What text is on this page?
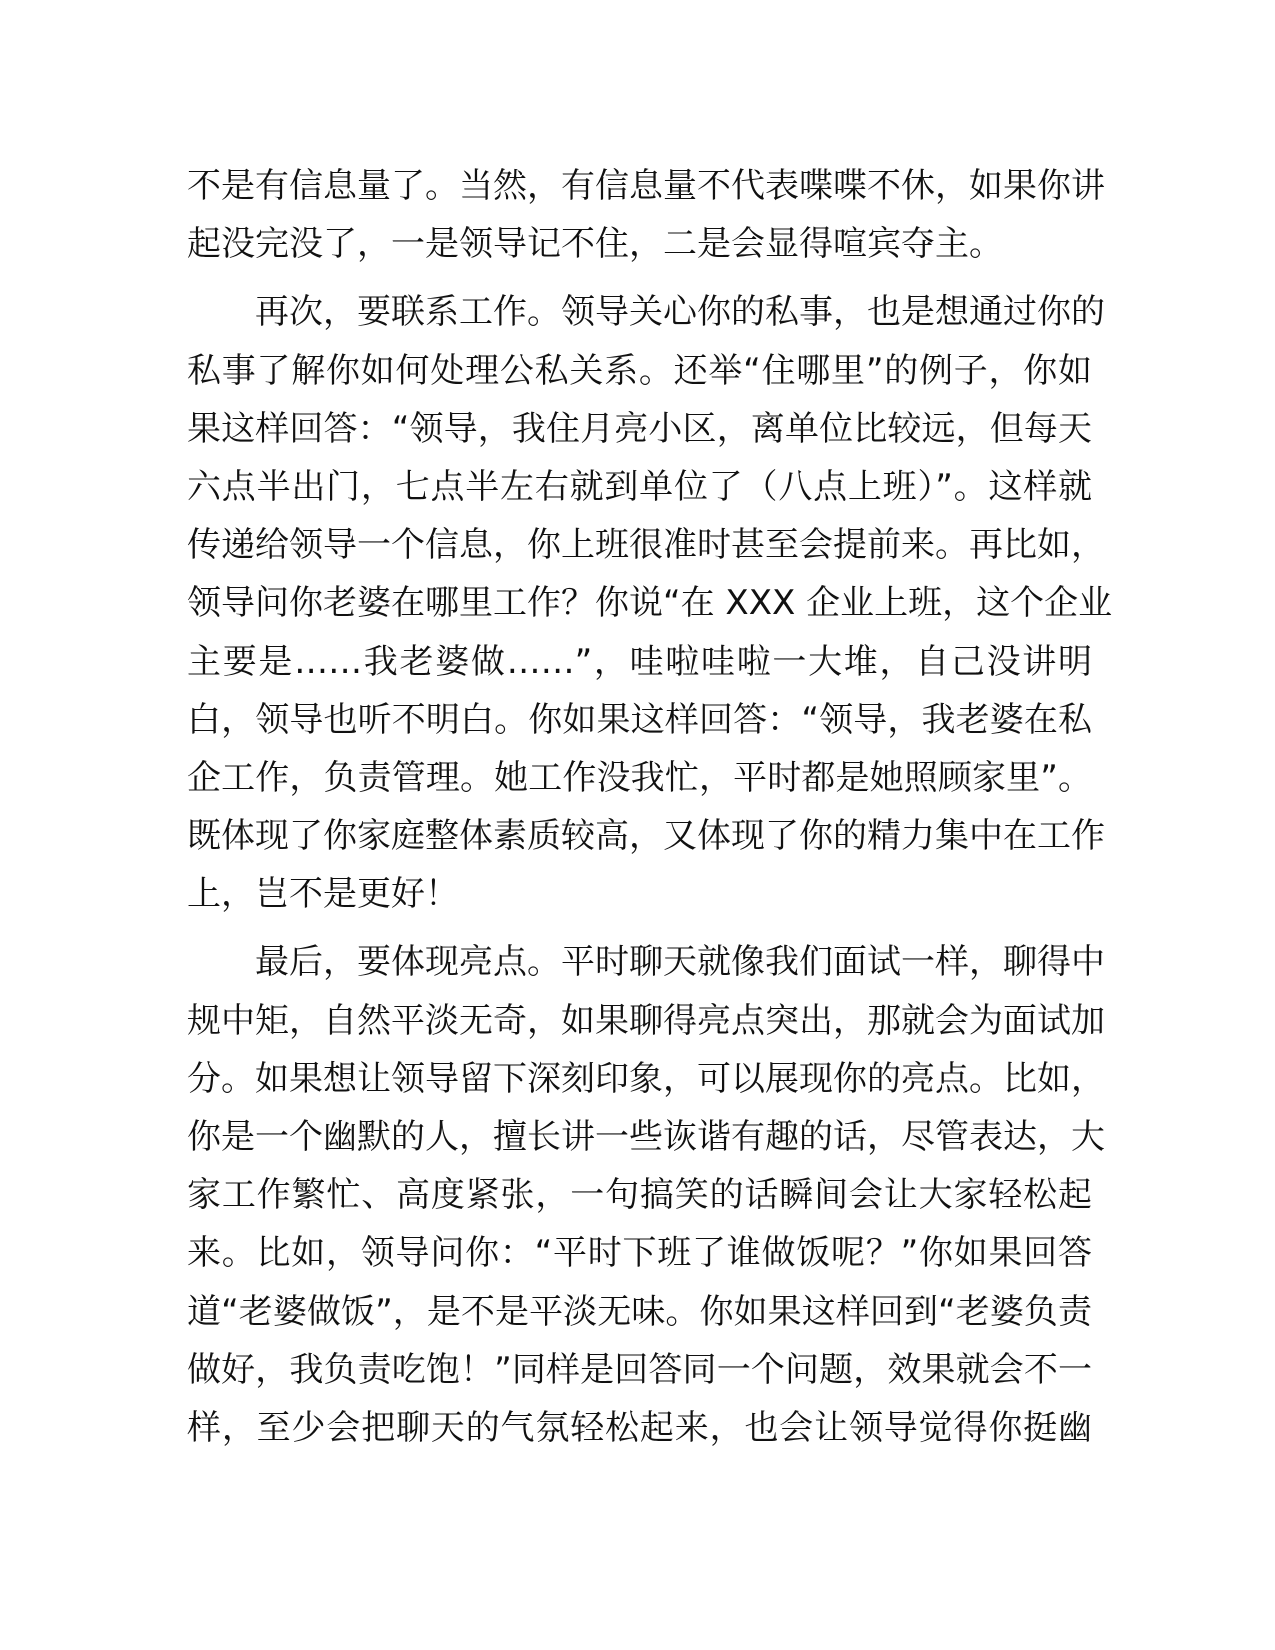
不是有信息量了。当然，有信息量不代表喋喋不休，如果你讲
起没完没了，一是领导记不住，二是会显得喧宾夺主。
再次，要联系工作。领导关心你的私事，也是想通过你的
私事了解你如何处理公私关系。还举“住哪里”的例子，你如
果这样回答：“领导，我住月亮小区，离单位比较远，但每天
六点半出门，七点半左右就到单位了（八点上班）”。这样就
传递给领导一个信息，你上班很准时甚至会提前来。再比如，
领导问你老婆在哪里工作？你说“在 XXX 企业上班，这个企业
主要是……我老婆做……”，哇啦哇啦一大堆，自己没讲明
白，领导也听不明白。你如果这样回答：“领导，我老婆在私
企工作，负责管理。她工作没我忙，平时都是她照顾家里”。
既体现了你家庭整体素质较高，又体现了你的精力集中在工作
上，岂不是更好！
最后，要体现亮点。平时聊天就像我们面试一样，聊得中
规中矩，自然平淡无奇，如果聊得亮点突出，那就会为面试加
分。如果想让领导留下深刻印象，可以展现你的亮点。比如，
你是一个幽默的人，擅长讲一些诙谐有趣的话，尽管表达，大
家工作繁忙、高度紧张，一句搞笑的话瞬间会让大家轻松起
来。比如，领导问你：“平时下班了谁做饭呢？”你如果回答
道“老婆做饭”，是不是平淡无味。你如果这样回到“老婆负责
做好，我负责吃饱！”同样是回答同一个问题，效果就会不一
样，至少会把聊天的气氛轻松起来，也会让领导觉得你挺幽
